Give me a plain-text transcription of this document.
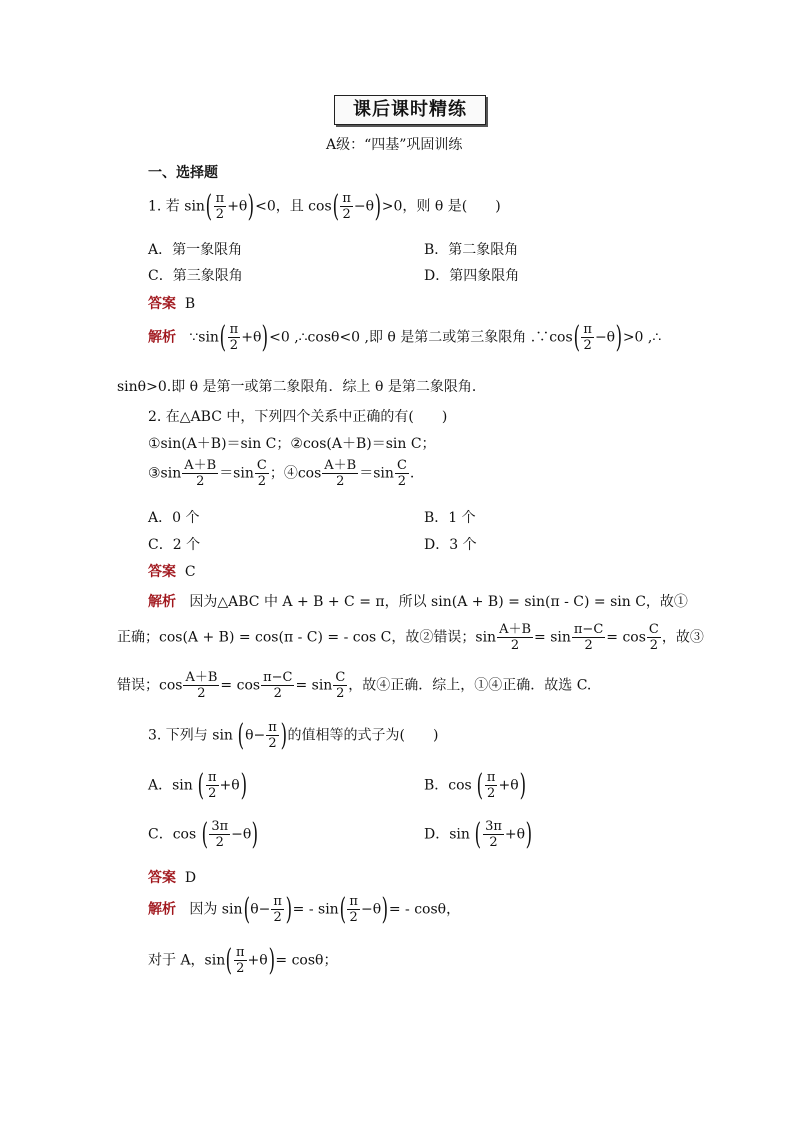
课后课时精练
A级：“四基”巩固训练
一、选择题
1. 若 $\sin( \frac{\pi}{2} +\theta)<0$，且 $\cos( \frac{\pi}{2} -\theta)>0$，则 θ 是(　　)
A．第一象限角	B．第二象限角
C．第三象限角	D．第四象限角
答案 B
解析 ∵sin( $\frac{\pi}{2} +\theta)<0$ ,∴cosθ<0 ,即 θ 是第二或第三象限角 .∵cos( $\frac{\pi}{2} -\theta)>0$ ,∴
sinθ>0.即 θ 是第一或第二象限角．综上 θ 是第二象限角．
2. 在△ABC 中，下列四个关系中正确的有(　　)
①sin(A＋B)＝sin C；②cos(A＋B)＝sin C；
③sin $\frac{A+B}{2} =\sin \frac{C}{2}$ ；④cos $\frac{A+B}{2} =\sin \frac{C}{2}$ .
A．0 个	B．1 个
C．2 个	D．3 个
答案 C
解析 因为△ABC 中 A + B + C = π，所以 sin(A + B) = sin(π - C) = sin C，故①
正确；cos(A + B) = cos(π - C) = - cos C，故②错误；$\sin \frac{A+B}{2} = \sin \frac{\pi-C}{2} = \cos \frac{C}{2}$ ，故③
错误；$\cos \frac{A+B}{2} = \cos \frac{\pi-C}{2} = \sin \frac{C}{2}$ ，故④正确．综上，①④正确．故选 C.
3. 下列与 $\sin (\theta- \frac{\pi}{2}$ )的值相等的式子为(　　)
A．sin ( $\frac{\pi}{2} +\theta$)	B．cos ( $\frac{\pi}{2} +\theta$)
C．cos ( $\frac{3\pi}{2} -\theta$)	D．sin ( $\frac{3\pi}{2} +\theta$)
答案 D
解析 因为 $\sin(\theta- \frac{\pi}{2}$ )= - $\sin( \frac{\pi}{2} -\theta)= - \cos\theta$，
对于 A，$\sin( \frac{\pi}{2} +\theta)= \cos\theta$；
